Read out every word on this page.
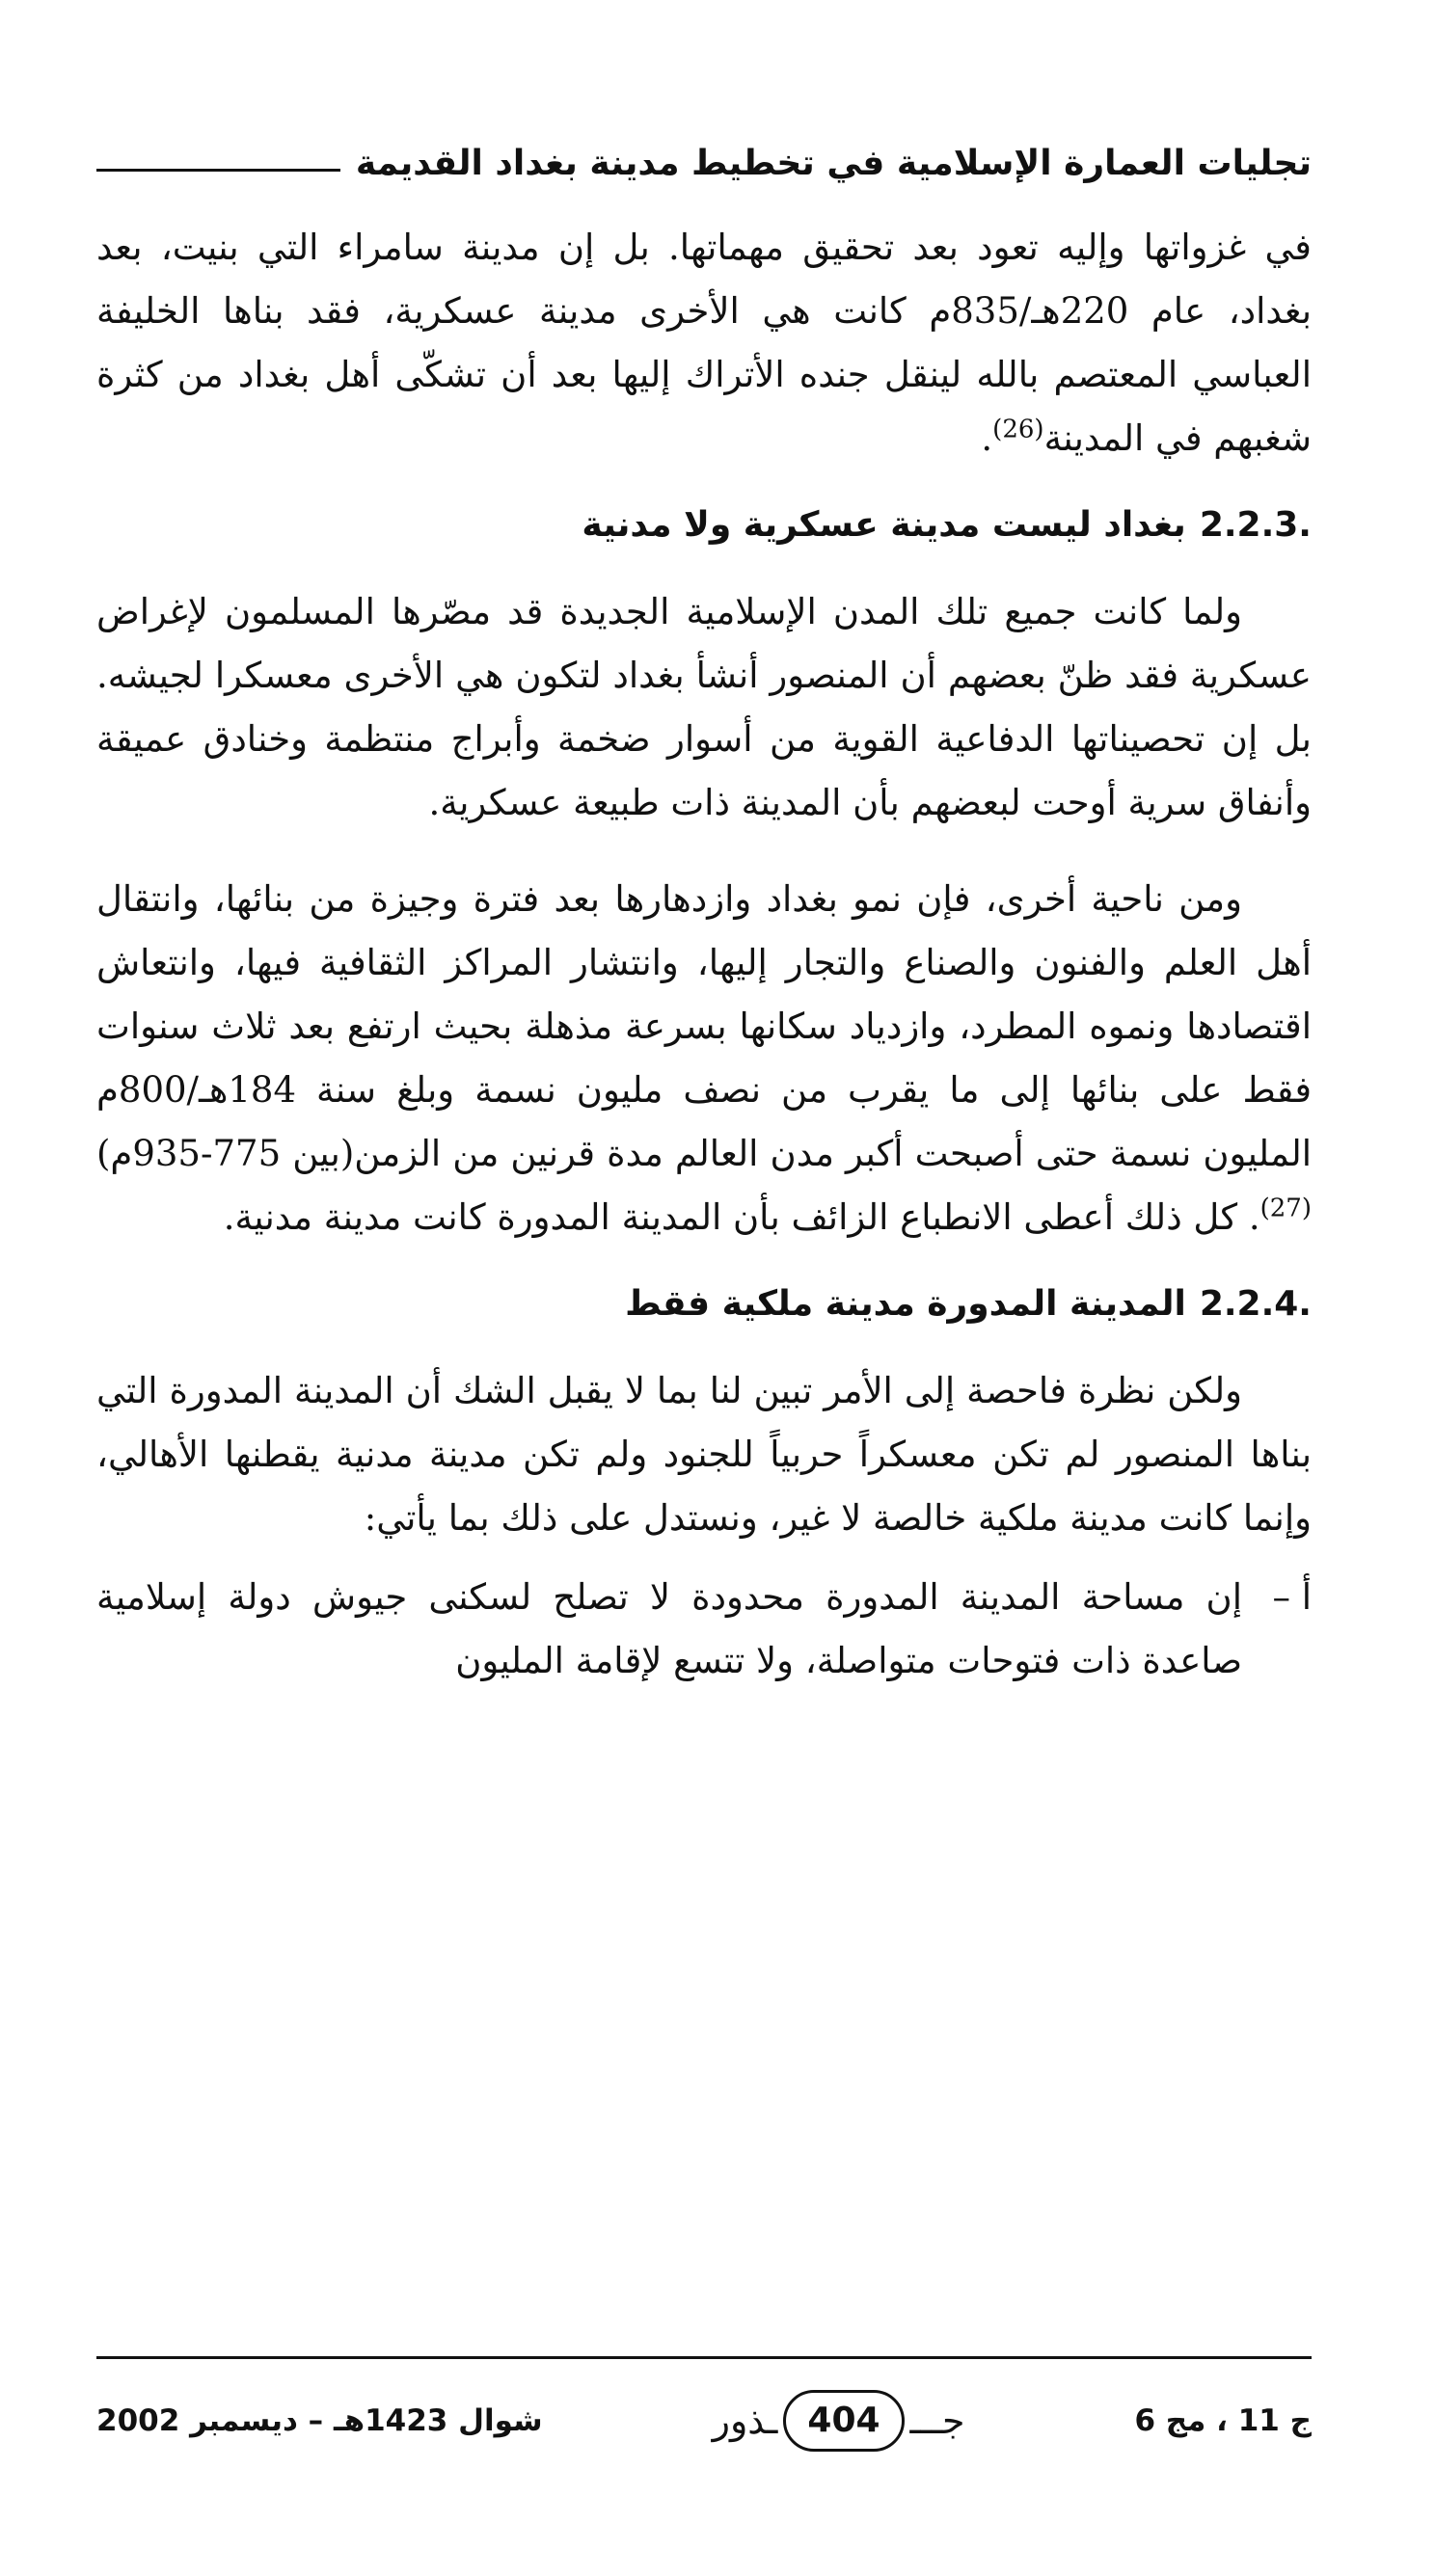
تجليات العمارة الإسلامية في تخطيط مدينة بغداد القديمة

في غزواتها وإليه تعود بعد تحقيق مهماتها. بل إن مدينة سامراء التي بنيت، بعد بغداد، عام 220هـ/835م كانت هي الأخرى مدينة عسكرية، فقد بناها الخليفة العباسي المعتصم بالله لينقل جنده الأتراك إليها بعد أن تشكّى أهل بغداد من كثرة شغبهم في المدينة$^{(26)}$.

2.2.3.بغداد ليست مدينة عسكرية ولا مدنية

ولما كانت جميع تلك المدن الإسلامية الجديدة قد مصّرها المسلمون لإغراض عسكرية فقد ظنّ بعضهم أن المنصور أنشأ بغداد لتكون هي الأخرى معسكرا لجيشه. بل إن تحصيناتها الدفاعية القوية من أسوار ضخمة وأبراج منتظمة وخنادق عميقة وأنفاق سرية أوحت لبعضهم بأن المدينة ذات طبيعة عسكرية.

ومن ناحية أخرى، فإن نمو بغداد وازدهارها بعد فترة وجيزة من بنائها، وانتقال أهل العلم والفنون والصناع والتجار إليها، وانتشار المراكز الثقافية فيها، وانتعاش اقتصادها ونموه المطرد، وازدياد سكانها بسرعة مذهلة بحيث ارتفع بعد ثلاث سنوات فقط على بنائها إلى ما يقرب من نصف مليون نسمة وبلغ سنة 184هـ/800م المليون نسمة حتى أصبحت أكبر مدن العالم مدة قرنين من الزمن(بين 775-935م)$^{(27)}$. كل ذلك أعطى الانطباع الزائف بأن المدينة المدورة كانت مدينة مدنية.

2.2.4.المدينة المدورة مدينة ملكية فقط

ولكن نظرة فاحصة إلى الأمر تبين لنا بما لا يقبل الشك أن المدينة المدورة التي بناها المنصور لم تكن معسكراً حربياً للجنود ولم تكن مدينة مدنية يقطنها الأهالي، وإنما كانت مدينة ملكية خالصة لا غير، ونستدل على ذلك بما يأتي:

أ –

إن مساحة المدينة المدورة محدودة لا تصلح لسكنى جيوش دولة إسلامية صاعدة ذات فتوحات متواصلة، ولا تتسع لإقامة المليون

ج 11 ، مج 6
جـــ
404
ـذور
شوال 1423هـ – ديسمبر 2002
